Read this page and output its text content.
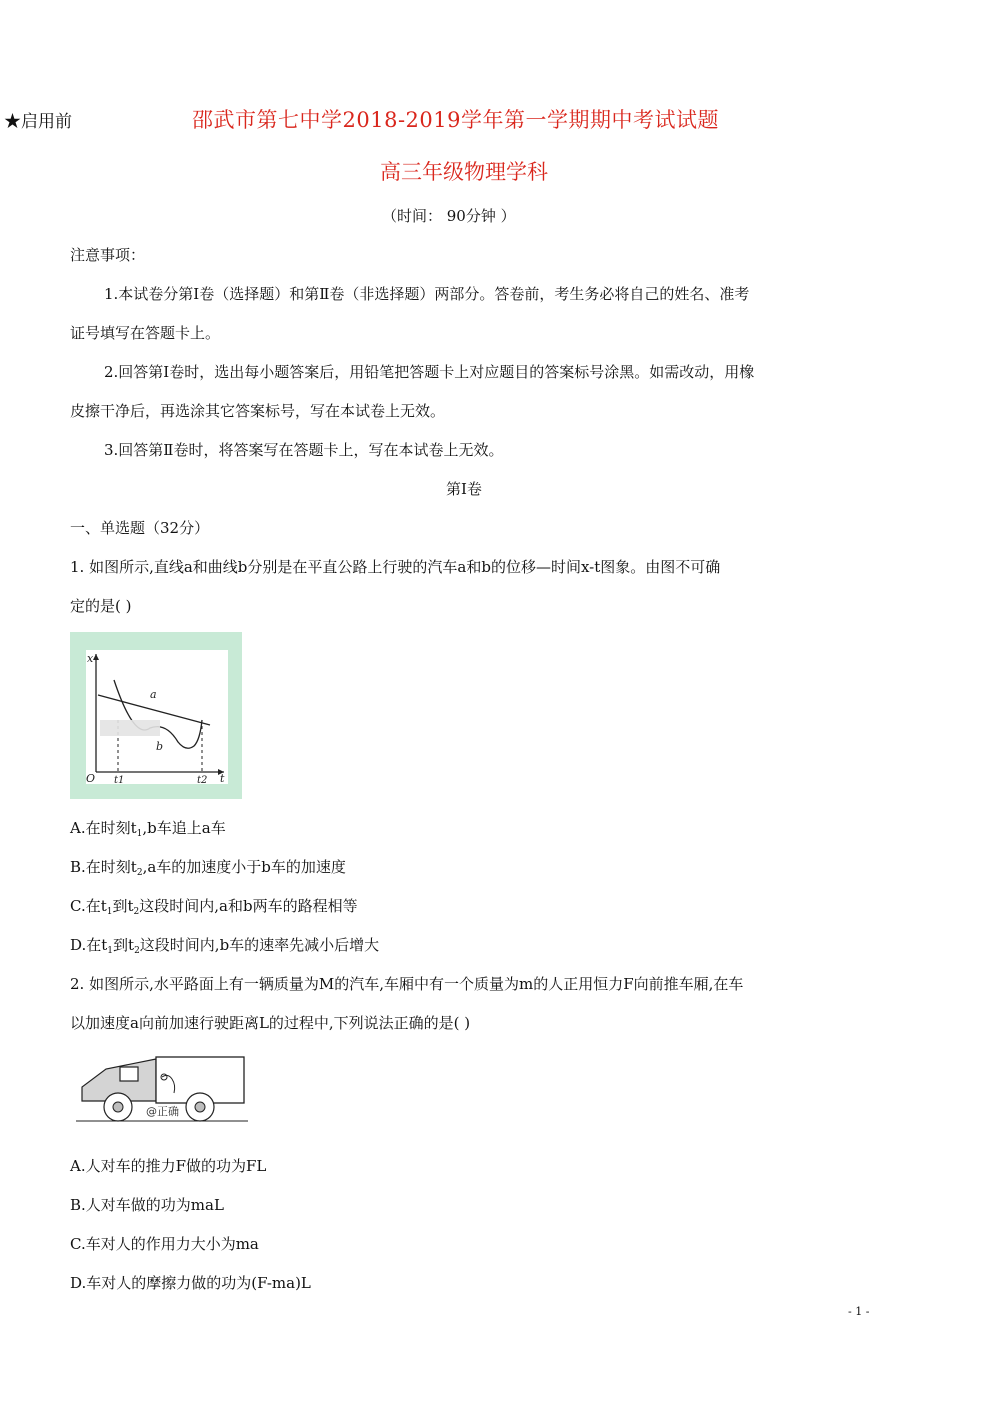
★启用前	邵武市第七中学2018-2019学年第一学期期中考试试题
高三年级物理学科
（时间： 90分钟 ）
注意事项：
1.本试卷分第Ⅰ卷（选择题）和第Ⅱ卷（非选择题）两部分。答卷前，考生务必将自己的姓名、准考
证号填写在答题卡上。
2.回答第Ⅰ卷时，选出每小题答案后，用铅笔把答题卡上对应题目的答案标号涂黑。如需改动，用橡
皮擦干净后，再选涂其它答案标号，写在本试卷上无效。
3.回答第Ⅱ卷时，将答案写在答题卡上，写在本试卷上无效。
第Ⅰ卷
一、单选题（32分）
1. 如图所示,直线a和曲线b分别是在平直公路上行驶的汽车a和b的位移—时间x-t图象。由图不可确
定的是( )
x
t
O
a
b
t1	t2
A.在时刻$t_1,b$车追上a车
B.在时刻$t_2,a$车的加速度小于b车的加速度
C.在$t_1$到$t_2$这段时间内,a和b两车的路程相等
D.在$t_1$到$t_2$这段时间内,b车的速率先减小后增大
2. 如图所示,水平路面上有一辆质量为M的汽车,车厢中有一个质量为m的人正用恒力F向前推车厢,在车
以加速度a向前加速行驶距离L的过程中,下列说法正确的是( )
@正确
A.人对车的推力F做的功为FL
B.人对车做的功为maL
C.车对人的作用力大小为ma
D.车对人的摩擦力做的功为(F-ma)L
- 1 -
